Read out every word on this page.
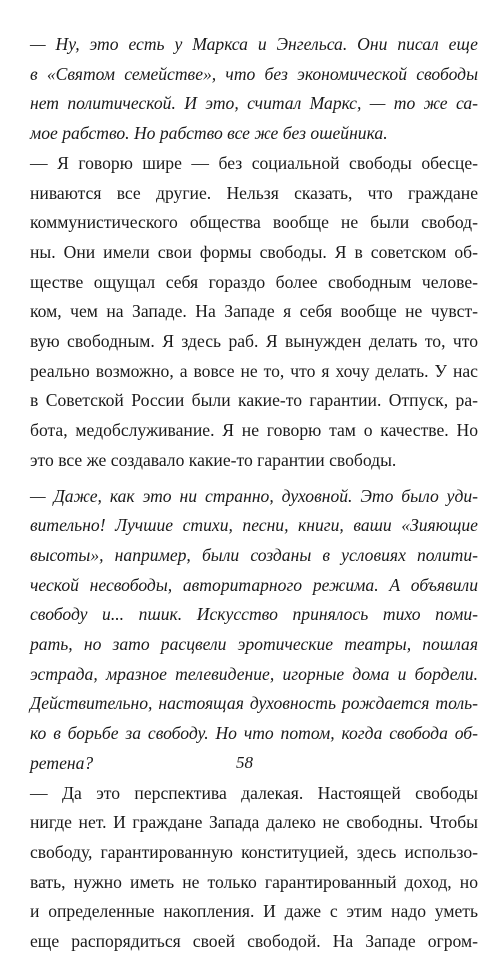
— Ну, это есть у Маркса и Энгельса. Они писал еще
в «Святом семействе», что без экономической свободы
нет политической. И это, считал Маркс, — то же са-
мое рабство. Но рабство все же без ошейника.
— Я говорю шире — без социальной свободы обесце-
ниваются все другие. Нельзя сказать, что граждане
коммунистического общества вообще не были свобод-
ны. Они имели свои формы свободы. Я в советском об-
ществе ощущал себя гораздо более свободным челове-
ком, чем на Западе. На Западе я себя вообще не чувст-
вую свободным. Я здесь раб. Я вынужден делать то, что
реально возможно, а вовсе не то, что я хочу делать. У нас
в Советской России были какие-то гарантии. Отпуск, ра-
бота, медобслуживание. Я не говорю там о качестве. Но
это все же создавало какие-то гарантии свободы.
— Даже, как это ни странно, духовной. Это было уди-
вительно! Лучшие стихи, песни, книги, ваши «Зияющие
высоты», например, были созданы в условиях полити-
ческой несвободы, авторитарного режима. А объявили
свободу и... пшик. Искусство принялось тихо поми-
рать, но зато расцвели эротические театры, пошлая
эстрада, мразное телевидение, игорные дома и бордели.
Действительно, настоящая духовность рождается толь-
ко в борьбе за свободу. Но что потом, когда свобода об-
ретена?
— Да это перспектива далекая. Настоящей свободы
нигде нет. И граждане Запада далеко не свободны. Чтобы
свободу, гарантированную конституцией, здесь использо-
вать, нужно иметь не только гарантированный доход, но
и определенные накопления. И даже с этим надо уметь
еще распорядиться своей свободой. На Западе огром-
58
